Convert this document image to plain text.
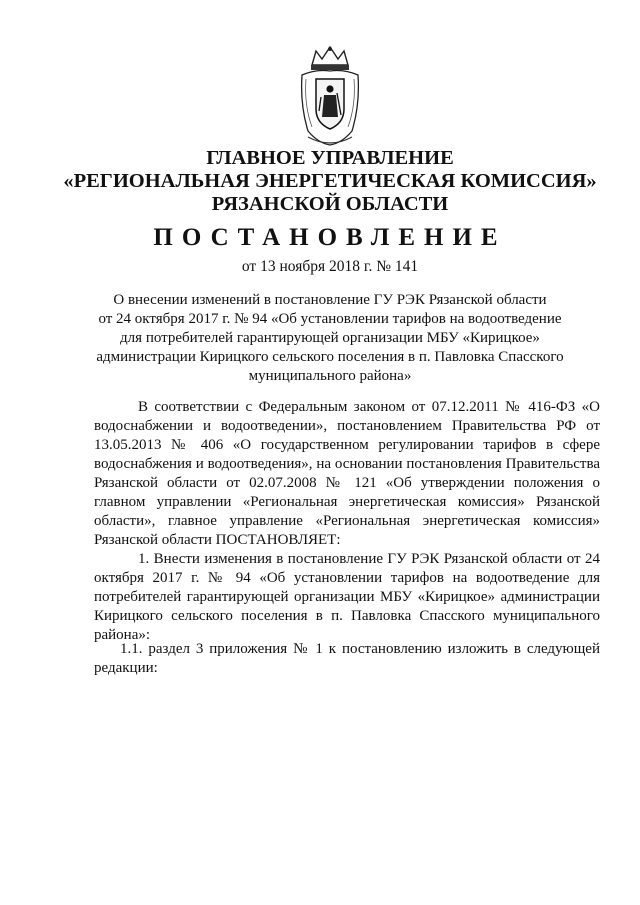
ГЛАВНОЕ УПРАВЛЕНИЕ
«РЕГИОНАЛЬНАЯ ЭНЕРГЕТИЧЕСКАЯ КОМИССИЯ»
РЯЗАНСКОЙ ОБЛАСТИ
ПОСТАНОВЛЕНИЕ
от 13 ноября 2018 г. № 141
О внесении изменений в постановление ГУ РЭК Рязанской области
от 24 октября 2017 г. № 94 «Об установлении тарифов на водоотведение
для потребителей гарантирующей организации МБУ «Кирицкое»
администрации Кирицкого сельского поселения в п. Павловка Спасского
муниципального района»
В соответствии с Федеральным законом от 07.12.2011 № 416-ФЗ «О водоснабжении и водоотведении», постановлением Правительства РФ от 13.05.2013 № 406 «О государственном регулировании тарифов в сфере водоснабжения и водоотведения», на основании постановления Правительства Рязанской области от 02.07.2008 № 121 «Об утверждении положения о главном управлении «Региональная энергетическая комиссия» Рязанской области», главное управление «Региональная энергетическая комиссия» Рязанской области ПОСТАНОВЛЯЕТ:
1. Внести изменения в постановление ГУ РЭК Рязанской области от 24 октября 2017 г. № 94 «Об установлении тарифов на водоотведение для потребителей гарантирующей организации МБУ «Кирицкое» администрации Кирицкого сельского поселения в п. Павловка Спасского муниципального района»:
1.1. раздел 3 приложения № 1 к постановлению изложить в следующей редакции:
